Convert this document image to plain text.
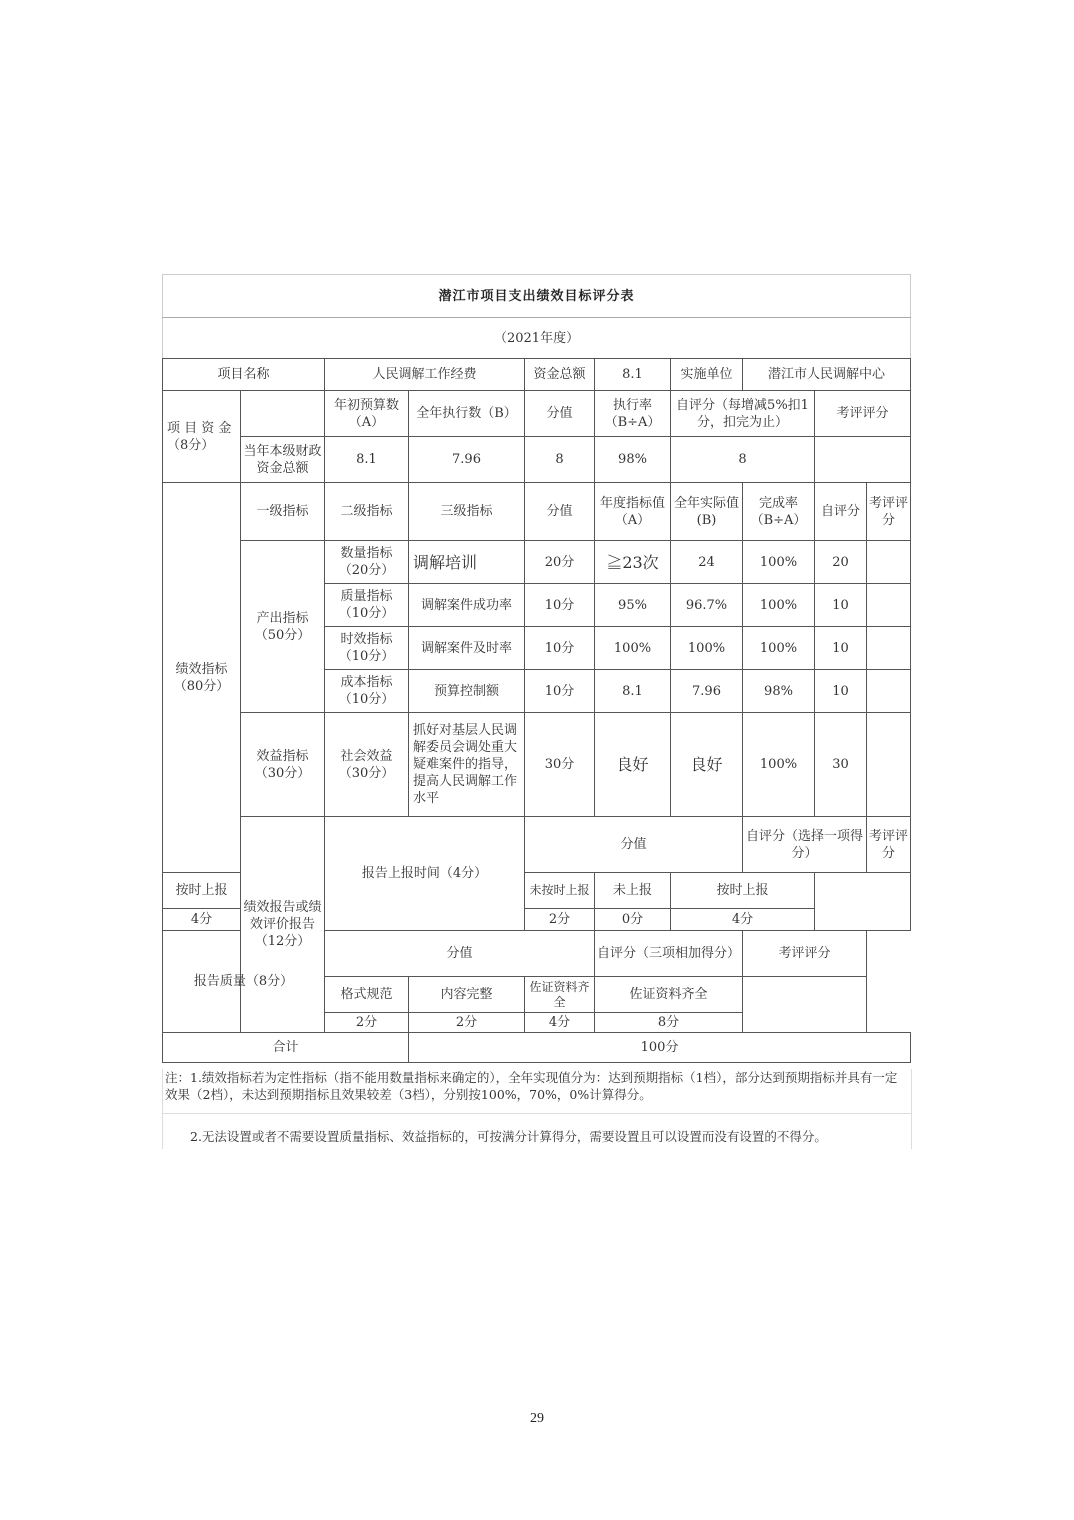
潜江市项目支出绩效目标评分表										
（2021年度）										
项目名称		人民调解工作经费		资金总额	8.1	实施单位	潜江市人民调解中心			
项 目 资 金（8分）		年初预算数（A）	全年执行数（B）	分值	执行率（B÷A）	自评分（每增减5%扣1分，扣完为止）		考评评分		
	当年本级财政资金总额	8.1	7.96	8	98%	8				
绩效指标（80分）	一级指标	二级指标	三级指标	分值	年度指标值（A）	全年实际值(B)	完成率（B÷A）	自评分	考评评分	
	产出指标（50分）	数量指标（20分）	调解培训	20分	≧23次	24	100%	20		
		质量指标（10分）	调解案件成功率	10分	95%	96.7%	100%	10		
		时效指标（10分）	调解案件及时率	10分	100%	100%	100%	10		
		成本指标（10分）	预算控制额	10分	8.1	7.96	98%	10		
	效益指标（30分）	社会效益（30分）	抓好对基层人民调解委员会调处重大疑难案件的指导，提高人民调解工作水平	30分	良好	良好	100%	30		
	绩效报告或绩效评价报告（12分）	报告上报时间（4分）		分值			自评分（选择一项得分）		考评评分	
按时上报				未按时上报	未上报	按时上报				
4分				2分	0分	4分				
报告质量（8分）		分值			自评分（三项相加得分）		考评评分			
		格式规范	内容完整	佐证资料齐全	佐证资料齐全					
		2分	2分	4分	8分					
合计			100分							

注：1.绩效指标若为定性指标（指不能用数量指标来确定的），全年实现值分为：达到预期指标（1档），部分达到预期指标并具有一定效果（2档），未达到预期指标且效果较差（3档），分别按100%，70%，0%计算得分。

2.无法设置或者不需要设置质量指标、效益指标的，可按满分计算得分，需要设置且可以设置而没有设置的不得分。

29
